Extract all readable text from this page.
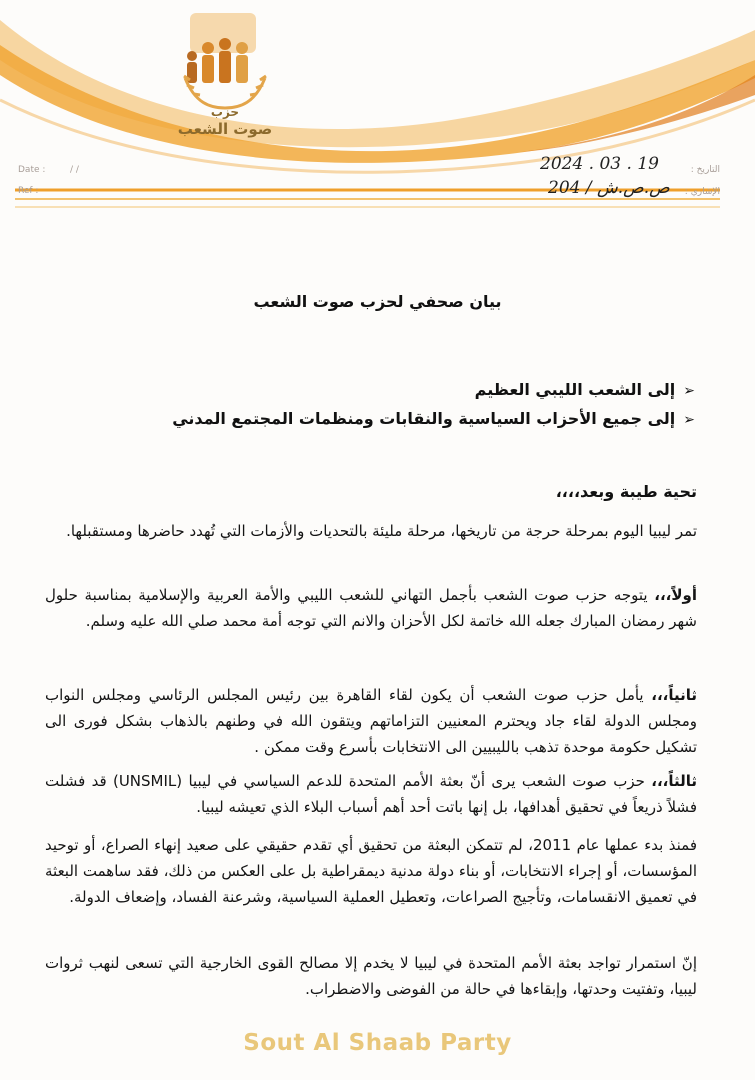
حزب
صوت الشعب
Date :	/ /
Ref :
التاريخ :
الإشاري :
2024 . 03 . 19
204 / ص.ص.ش
بيان صحفي لحزب صوت الشعب
➢إلى الشعب الليبي العظيم
➢إلى جميع الأحزاب السياسية والنقابات ومنظمات المجتمع المدني
تحية طيبة وبعد،،،،
تمر ليبيا اليوم بمرحلة حرجة من تاريخها، مرحلة مليئة بالتحديات والأزمات التي تُهدد حاضرها ومستقبلها.
أولاً،،، يتوجه حزب صوت الشعب بأجمل التهاني للشعب الليبي والأمة العربية والإسلامية بمناسبة حلول شهر رمضان المبارك جعله الله خاتمة لكل الأحزان والانم التي توجه أمة محمد صلي الله عليه وسلم.
ثانياً،،، يأمل حزب صوت الشعب أن يكون لقاء القاهرة بين رئيس المجلس الرئاسي ومجلس النواب ومجلس الدولة لقاء جاد ويحترم المعنيين التزاماتهم ويتقون الله في وطنهم بالذهاب بشكل فورى الى تشكيل حكومة موحدة تذهب بالليبيين الى الانتخابات بأسرع وقت ممكن .
ثالثاً،،، حزب صوت الشعب يرى أنّ بعثة الأمم المتحدة للدعم السياسي في ليبيا (UNSMIL) قد فشلت فشلاً ذريعاً في تحقيق أهدافها، بل إنها باتت أحد أهم أسباب البلاء الذي تعيشه ليبيا.
فمنذ بدء عملها عام 2011، لم تتمكن البعثة من تحقيق أي تقدم حقيقي على صعيد إنهاء الصراع، أو توحيد المؤسسات، أو إجراء الانتخابات، أو بناء دولة مدنية ديمقراطية بل على العكس من ذلك، فقد ساهمت البعثة في تعميق الانقسامات، وتأجيج الصراعات، وتعطيل العملية السياسية، وشرعنة الفساد، وإضعاف الدولة.
إنّ استمرار تواجد بعثة الأمم المتحدة في ليبيا لا يخدم إلا مصالح القوى الخارجية التي تسعى لنهب ثروات ليبيا، وتفتيت وحدتها، وإبقاءها في حالة من الفوضى والاضطراب.
Sout Al Shaab Party
